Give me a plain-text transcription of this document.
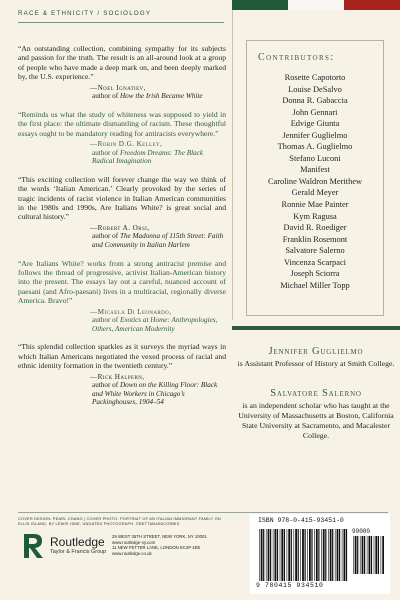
RACE & ETHNICITY / SOCIOLOGY

“An outstanding collection, combining sympathy for its subjects and passion for the truth. The result is an all-around look at a group of people who have made a deep mark on, and been deeply marked by, the U.S. experience.”

—Noel Ignatiev,
author of How the Irish Became White

“Reminds us what the study of whiteness was supposed to yield in the first place: the ultimate dismantling of racism. These thoughtful essays ought to be mandatory reading for antiracists everywhere.”

—Robin D.G. Kelley,
author of Freedom Dreams: The Black Radical Imagination

“This exciting collection will forever change the way we think of the words ‘Italian American.’ Clearly provoked by the series of tragic incidents of racist violence in Italian American communities in the 1980s and 1990s, Are Italians White? is great social and cultural history.”

—Robert A. Orsi,
author of The Madonna of 115th Street: Faith and Community in Italian Harlem

“Are Italians White? works from a strong antiracist premise and follows the thread of progressive, activist Italian-American history into the present. The essays lay out a careful, nuanced account of paesani (and Afro-paesani) lives in a multiracial, regionally diverse America. Bravo!”

—Micaela Di Leonardo,
author of Exotics at Home: Anthropologies, Others, American Modernity

“This splendid collection sparkles as it surveys the myriad ways in which Italian Americans negotiated the vexed process of racial and ethnic identity formation in the twentieth century.”

—Rick Halpern,
author of Down on the Killing Floor: Black and White Workers in Chicago’s Packinghouses, 1904–54
Contributors:
Rosette Capotorto
Louise DeSalvo
Donna R. Gabaccia
John Gennari
Edvige Giunta
Jennifer Guglielmo
Thomas A. Guglielmo
Stefano Luconi
Manifest
Caroline Waldron Merithew
Gerald Meyer
Ronnie Mae Painter
Kym Ragusa
David R. Roediger
Franklin Rosemont
Salvatore Salerno
Vincenza Scarpaci
Joseph Sciorra
Michael Miller Topp
Jennifer Guglielmo
is Assistant Professor of History at Smith College.
Salvatore Salerno
is an independent scholar who has taught at the University of Massachusetts at Boston, California State University at Sacramento, and Macalester College.
COVER DESIGN: PEARL CHANG | COVER PHOTO: PORTRAIT OF AN ITALIAN IMMIGRANT FAMILY ON ELLIS ISLAND, BY LEWIS HINE, UNDATED PHOTOGRAPH. ©BETTMANN/CORBIS
Routledge
Taylor & Francis Group
29 WEST 35TH STREET, NEW YORK, NY 10001
www.routledge-ny.com
11 NEW FETTER LANE, LONDON EC4P 4EE
www.routledge.co.uk
ISBN 978-0-415-93451-0
90000
9 780415 934510
